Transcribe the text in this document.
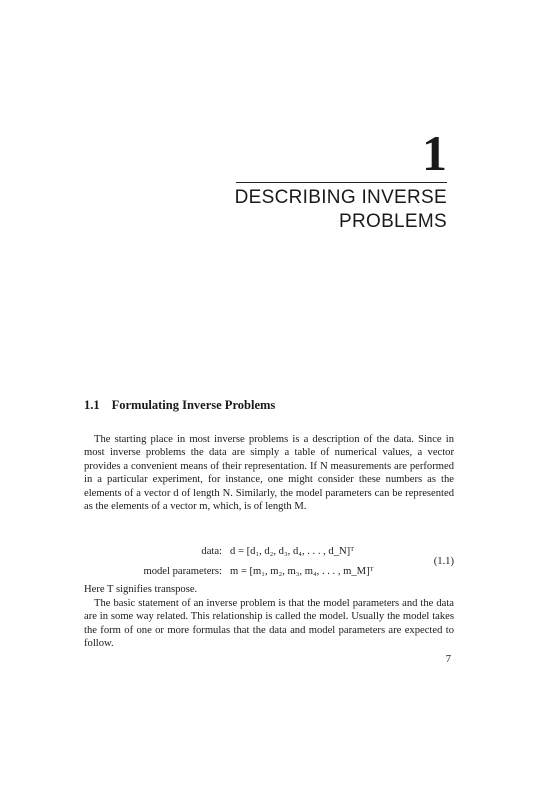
1
DESCRIBING INVERSE
PROBLEMS
1.1 Formulating Inverse Problems

The starting place in most inverse problems is a description of the data. Since in most inverse problems the data are simply a table of numerical values, a vector provides a convenient means of their representation. If N measurements are performed in a particular experiment, for instance, one might consider these numbers as the elements of a vector d of length N. Similarly, the model parameters can be represented as the elements of a vector m, which, is of length M.

data: d = [d₁, d₂, d₃, d₄, . . . , d_N]ᵀ
model parameters: m = [m₁, m₂, m₃, m₄, . . . , m_M]ᵀ
(1.1)

Here T signifies transpose.

The basic statement of an inverse problem is that the model parameters and the data are in some way related. This relationship is called the model. Usually the model takes the form of one or more formulas that the data and model parameters are expected to follow.

7
